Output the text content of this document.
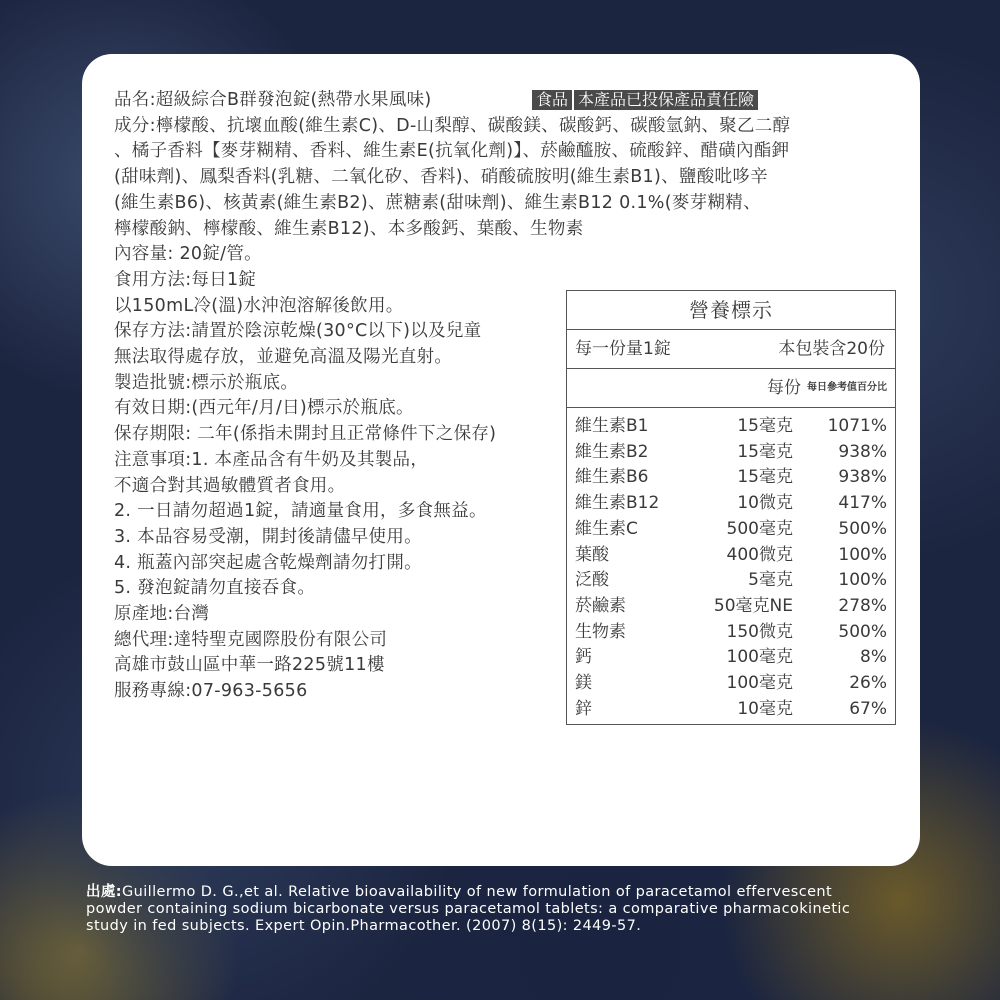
品名:超級綜合B群發泡錠(熱帶水果風味)
成分:檸檬酸、抗壞血酸(維生素C)、D-山梨醇、碳酸鎂、碳酸鈣、碳酸氫鈉、聚乙二醇
、橘子香料【麥芽糊精、香料、維生素E(抗氧化劑)】、菸鹼醯胺、硫酸鋅、醋磺內酯鉀
(甜味劑)、鳳梨香料(乳糖、二氧化矽、香料)、硝酸硫胺明(維生素B1)、鹽酸吡哆辛
(維生素B6)、核黃素(維生素B2)、蔗糖素(甜味劑)、維生素B12 0.1%(麥芽糊精、
檸檬酸鈉、檸檬酸、維生素B12)、本多酸鈣、葉酸、生物素
內容量: 20錠/管。
食用方法:每日1錠
以150mL冷(溫)水沖泡溶解後飲用。
保存方法:請置於陰涼乾燥(30°C以下)以及兒童
無法取得處存放，並避免高溫及陽光直射。
製造批號:標示於瓶底。
有效日期:(西元年/月/日)標示於瓶底。
保存期限: 二年(係指未開封且正常條件下之保存)
注意事項:1. 本產品含有牛奶及其製品，
不適合對其過敏體質者食用。
2. 一日請勿超過1錠，請適量食用，多食無益。
3. 本品容易受潮，開封後請儘早使用。
4. 瓶蓋內部突起處含乾燥劑請勿打開。
5. 發泡錠請勿直接吞食。
原產地:台灣
總代理:達特聖克國際股份有限公司
高雄市鼓山區中華一路225號11樓
服務專線:07-963-5656
食品 本產品已投保產品責任險
營養標示
每一份量1錠	本包裝含20份
每份 每日參考值百分比
維生素B1	15毫克	1071%
維生素B2	15毫克	938%
維生素B6	15毫克	938%
維生素B12	10微克	417%
維生素C	500毫克	500%
葉酸	400微克	100%
泛酸	5毫克	100%
菸鹼素	50毫克NE	278%
生物素	150微克	500%
鈣	100毫克	8%
鎂	100毫克	26%
鋅	10毫克	67%
出處:Guillermo D. G.,et al. Relative bioavailability of new formulation of paracetamol effervescent
powder containing sodium bicarbonate versus paracetamol tablets: a comparative pharmacokinetic
study in fed subjects. Expert Opin.Pharmacother. (2007) 8(15): 2449-57.
